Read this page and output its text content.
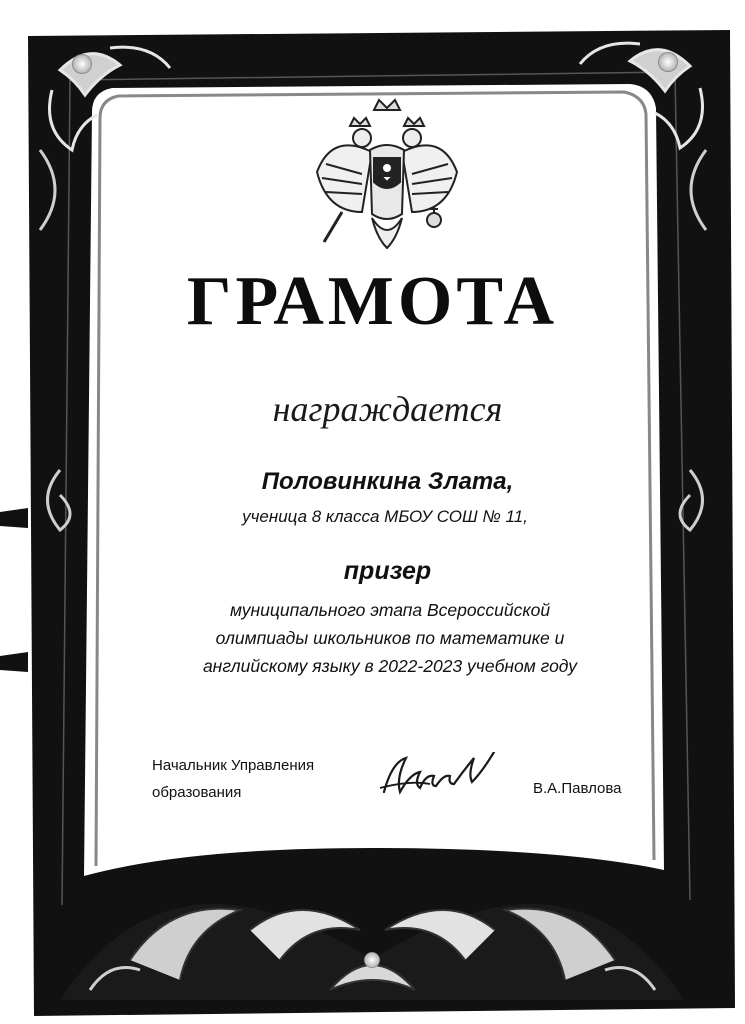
ГРАМОТА
награждается
Половинкина Злата,
ученица 8 класса МБОУ СОШ № 11,
призер
муниципального этапа Всероссийской
олимпиады школьников по математике и
английскому языку в 2022-2023 учебном году
Начальник Управления
образования	В.А.Павлова
Кизел 2023 г.
